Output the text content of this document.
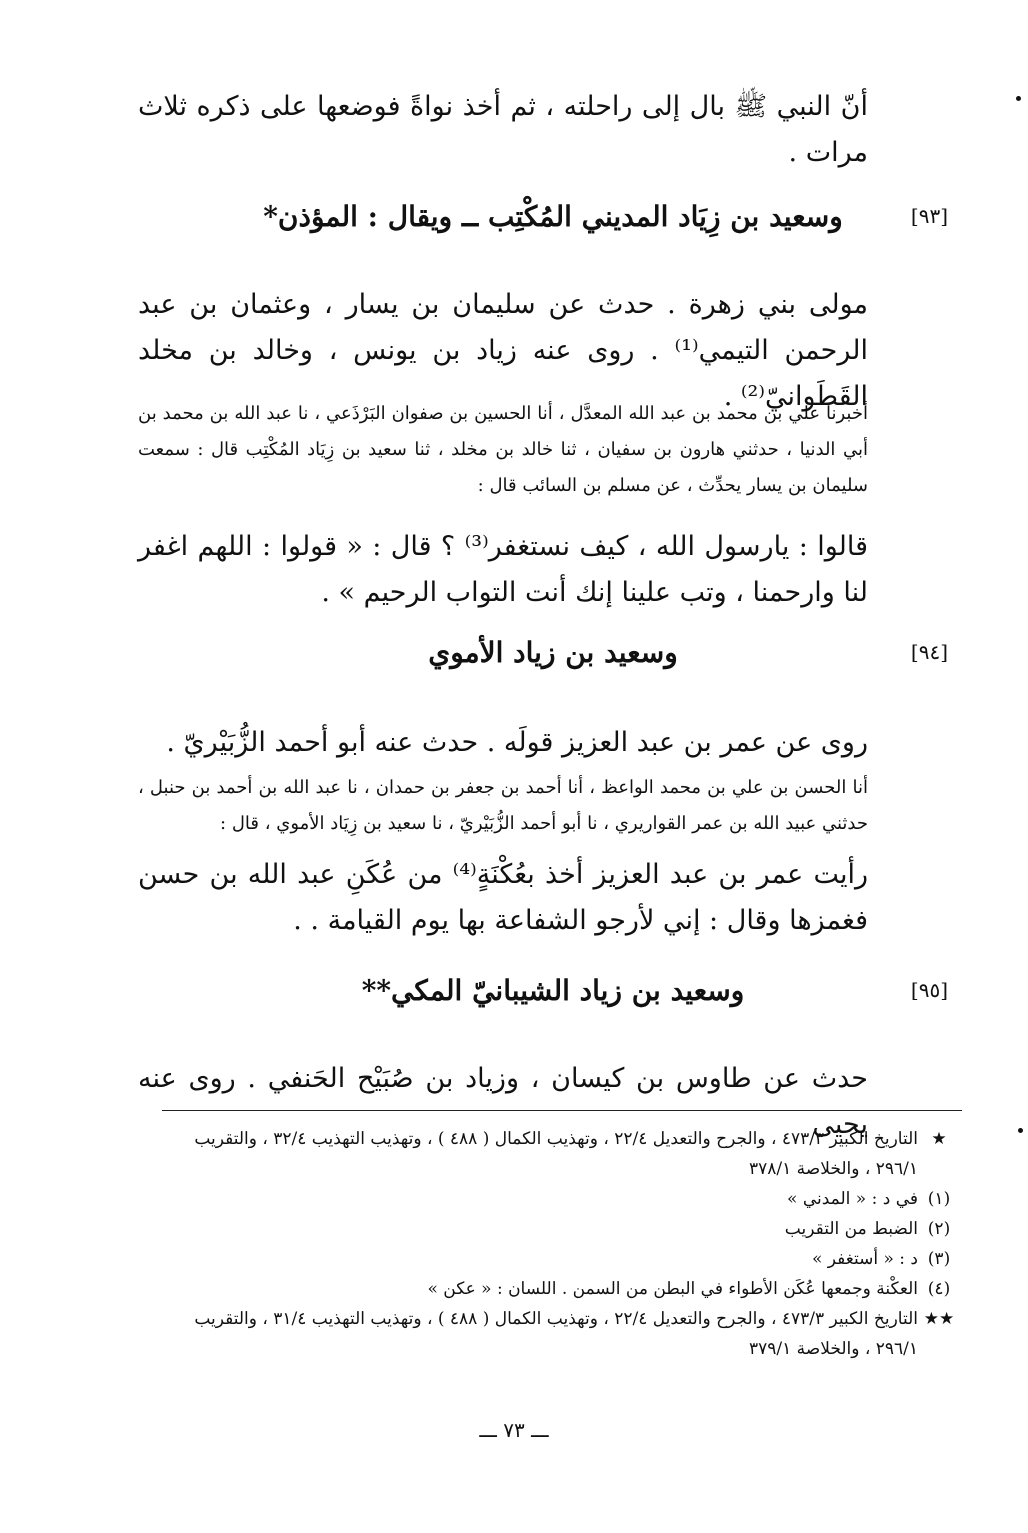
أنّ النبي ﷺ بال إلى راحلته ، ثم أخذ نواةً فوضعها على ذكره ثلاث مرات .
[٩٣]
وسعيد بن زِيَاد المديني المُكْتِب ــ ويقال : المؤذن*
مولى بني زهرة . حدث عن سليمان بن يسار ، وعثمان بن عبد الرحمن التيمي⁽¹⁾ . روى عنه زياد بن يونس ، وخالد بن مخلد القَطَوانيّ⁽²⁾ .
أخبرنا علي بن محمد بن عبد الله المعدَّل ، أنا الحسين بن صفوان البَرْذَعي ، نا عبد الله بن محمد بن أبي الدنيا ، حدثني هارون بن سفيان ، ثنا خالد بن مخلد ، ثنا سعيد بن زِيَاد المُكْتِب قال : سمعت سليمان بن يسار يحدِّث ، عن مسلم بن السائب قال :
قالوا : يارسول الله ، كيف نستغفر⁽³⁾ ؟ قال : « قولوا : اللهم اغفر لنا وارحمنا ، وتب علينا إنك أنت التواب الرحيم » .
[٩٤]
وسعيد بن زياد الأموي
روى عن عمر بن عبد العزيز قولَه . حدث عنه أبو أحمد الزُّبَيْريّ .
أنا الحسن بن علي بن محمد الواعظ ، أنا أحمد بن جعفر بن حمدان ، نا عبد الله بن أحمد بن حنبل ، حدثني عبيد الله بن عمر القواريري ، نا أبو أحمد الزُّبَيْريّ ، نا سعيد بن زِيَاد الأموي ، قال :
رأيت عمر بن عبد العزيز أخذ بعُكْنَةٍ⁽⁴⁾ من عُكَنِ عبد الله بن حسن فغمزها وقال : إني لأرجو الشفاعة بها يوم القيامة . .
[٩٥]
وسعيد بن زياد الشيبانيّ المكي**
حدث عن طاوس بن كيسان ، وزياد بن صُبَيْح الحَنفي . روى عنه يحيى	★
التاريخ الكبير ٤٧٣/٣ ، والجرح والتعديل ٢٢/٤ ، وتهذيب الكمال ( ٤٨٨ ) ، وتهذيب التهذيب ٣٢/٤ ، والتقريب ٢٩٦/١ ، والخلاصة ٣٧٨/١
(١)
في د : « المدني »
(٢)
الضبط من التقريب
(٣)
د : « أستغفر »
(٤)
العكْنة وجمعها عُكَن الأطواء في البطن من السمن . اللسان : « عكن »
★★
التاريخ الكبير ٤٧٣/٣ ، والجرح والتعديل ٢٢/٤ ، وتهذيب الكمال ( ٤٨٨ ) ، وتهذيب التهذيب ٣١/٤ ، والتقريب ٢٩٦/١ ، والخلاصة ٣٧٩/١
ـــ ٧٣ ـــ
